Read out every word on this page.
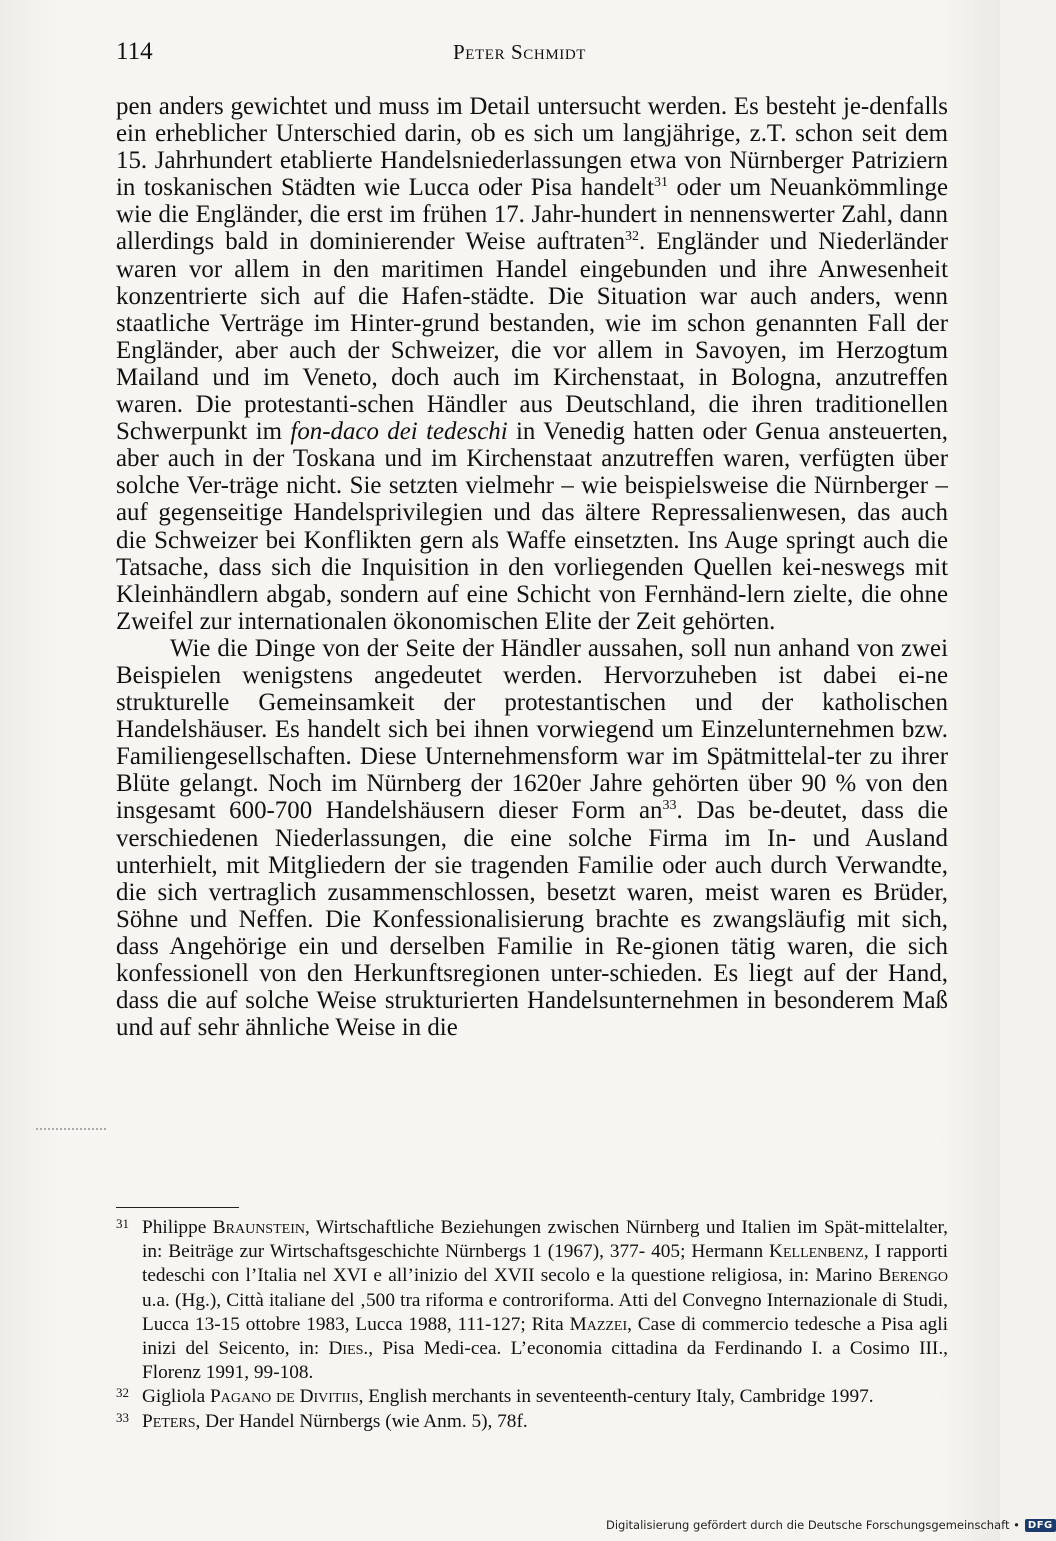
114	Peter Schmidt

pen anders gewichtet und muss im Detail untersucht werden. Es besteht je-denfalls ein erheblicher Unterschied darin, ob es sich um langjährige, z.T. schon seit dem 15. Jahrhundert etablierte Handelsniederlassungen etwa von Nürnberger Patriziern in toskanischen Städten wie Lucca oder Pisa handelt$^{31}$ oder um Neuankömmlinge wie die Engländer, die erst im frühen 17. Jahr-hundert in nennenswerter Zahl, dann allerdings bald in dominierender Weise auftraten$^{32}$. Engländer und Niederländer waren vor allem in den maritimen Handel eingebunden und ihre Anwesenheit konzentrierte sich auf die Hafen-städte. Die Situation war auch anders, wenn staatliche Verträge im Hinter-grund bestanden, wie im schon genannten Fall der Engländer, aber auch der Schweizer, die vor allem in Savoyen, im Herzogtum Mailand und im Veneto, doch auch im Kirchenstaat, in Bologna, anzutreffen waren. Die protestanti-schen Händler aus Deutschland, die ihren traditionellen Schwerpunkt im fon-daco dei tedeschi in Venedig hatten oder Genua ansteuerten, aber auch in der Toskana und im Kirchenstaat anzutreffen waren, verfügten über solche Ver-träge nicht. Sie setzten vielmehr – wie beispielsweise die Nürnberger – auf gegenseitige Handelsprivilegien und das ältere Repressalienwesen, das auch die Schweizer bei Konflikten gern als Waffe einsetzten. Ins Auge springt auch die Tatsache, dass sich die Inquisition in den vorliegenden Quellen kei-neswegs mit Kleinhändlern abgab, sondern auf eine Schicht von Fernhänd-lern zielte, die ohne Zweifel zur internationalen ökonomischen Elite der Zeit gehörten.

Wie die Dinge von der Seite der Händler aussahen, soll nun anhand von zwei Beispielen wenigstens angedeutet werden. Hervorzuheben ist dabei ei-ne strukturelle Gemeinsamkeit der protestantischen und der katholischen Handelshäuser. Es handelt sich bei ihnen vorwiegend um Einzelunternehmen bzw. Familiengesellschaften. Diese Unternehmensform war im Spätmittelal-ter zu ihrer Blüte gelangt. Noch im Nürnberg der 1620er Jahre gehörten über 90 % von den insgesamt 600-700 Handelshäusern dieser Form $an^{33}$. Das be-deutet, dass die verschiedenen Niederlassungen, die eine solche Firma im In- und Ausland unterhielt, mit Mitgliedern der sie tragenden Familie oder auch durch Verwandte, die sich vertraglich zusammenschlossen, besetzt waren, meist waren es Brüder, Söhne und Neffen. Die Konfessionalisierung brachte es zwangsläufig mit sich, dass Angehörige ein und derselben Familie in Re-gionen tätig waren, die sich konfessionell von den Herkunftsregionen unter-schieden. Es liegt auf der Hand, dass die auf solche Weise strukturierten Handelsunternehmen in besonderem Maß und auf sehr ähnliche Weise in die

31 Philippe Braunstein, Wirtschaftliche Beziehungen zwischen Nürnberg und Italien im Spät-mittelalter, in: Beiträge zur Wirtschaftsgeschichte Nürnbergs 1 (1967), 377- 405; Hermann Kellenbenz, I rapporti tedeschi con l’Italia nel XVI e all’inizio del XVII secolo e la questione religiosa, in: Marino Berengo u.a. (Hg.), Città italiane del ‚500 tra riforma e controriforma. Atti del Convegno Internazionale di Studi, Lucca 13-15 ottobre 1983, Lucca 1988, 111-127; Rita Mazzei, Case di commercio tedesche a Pisa agli inizi del Seicento, in: Dies., Pisa Medi-cea. L’economia cittadina da Ferdinando I. a Cosimo III., Florenz 1991, 99-108.

32 Gigliola Pagano de Divitiis, English merchants in seventeenth-century Italy, Cambridge 1997.

33 Peters, Der Handel Nürnbergs (wie Anm. 5), 78f.

Digitalisierung gefördert durch die Deutsche Forschungsgemeinschaft • DFG
